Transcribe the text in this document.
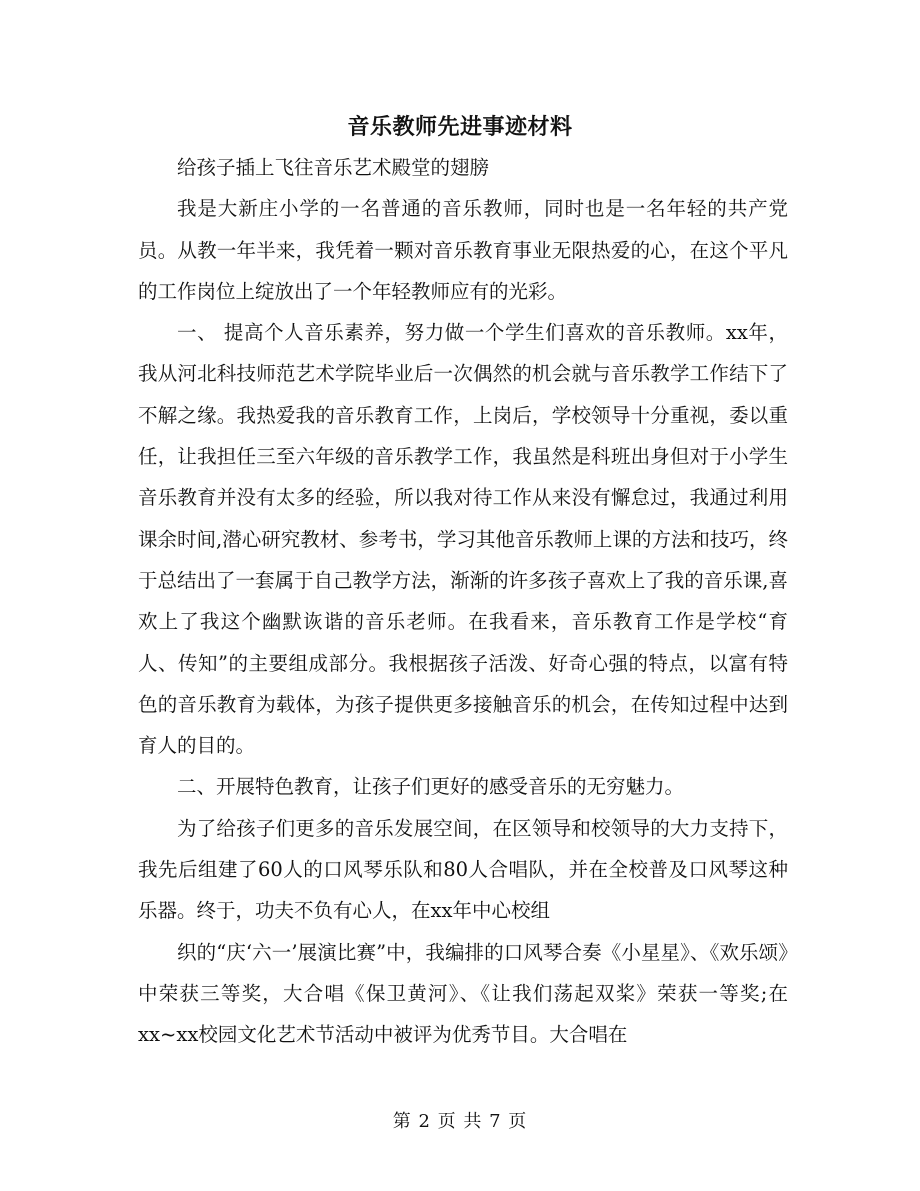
音乐教师先进事迹材料

给孩子插上飞往音乐艺术殿堂的翅膀

我是大新庄小学的一名普通的音乐教师，同时也是一名年轻的共产党员。从教一年半来，我凭着一颗对音乐教育事业无限热爱的心，在这个平凡的工作岗位上绽放出了一个年轻教师应有的光彩。

一、 提高个人音乐素养，努力做一个学生们喜欢的音乐教师。xx年，我从河北科技师范艺术学院毕业后一次偶然的机会就与音乐教学工作结下了不解之缘。我热爱我的音乐教育工作，上岗后，学校领导十分重视，委以重任，让我担任三至六年级的音乐教学工作，我虽然是科班出身但对于小学生音乐教育并没有太多的经验，所以我对待工作从来没有懈怠过，我通过利用课余时间,潜心研究教材、参考书，学习其他音乐教师上课的方法和技巧，终于总结出了一套属于自己教学方法，渐渐的许多孩子喜欢上了我的音乐课,喜欢上了我这个幽默诙谐的音乐老师。在我看来，音乐教育工作是学校“育人、传知”的主要组成部分。我根据孩子活泼、好奇心强的特点，以富有特色的音乐教育为载体，为孩子提供更多接触音乐的机会，在传知过程中达到育人的目的。

二、开展特色教育，让孩子们更好的感受音乐的无穷魅力。

为了给孩子们更多的音乐发展空间，在区领导和校领导的大力支持下，我先后组建了60人的口风琴乐队和80人合唱队，并在全校普及口风琴这种乐器。终于，功夫不负有心人，在xx年中心校组

织的“庆‘六一’展演比赛”中，我编排的口风琴合奏《小星星》、《欢乐颂》中荣获三等奖，大合唱《保卫黄河》、《让我们荡起双桨》荣获一等奖;在xx~xx校园文化艺术节活动中被评为优秀节目。大合唱在

第 2 页 共 7 页
